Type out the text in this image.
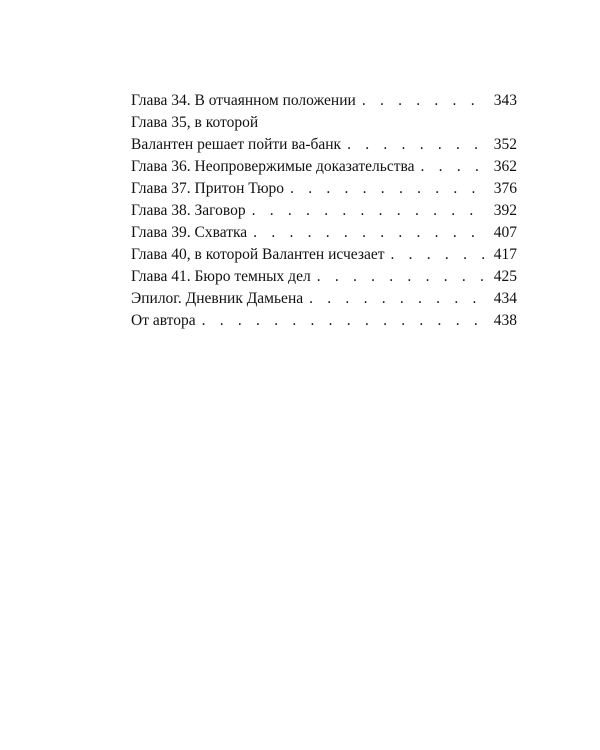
Глава 34. В отчаянном положении . . .	343
Глава 35, в которой
Валантен решает пойти ва-банк . . .	352
Глава 36. Неопровержимые доказательства . . .	362
Глава 37. Притон Тюро . . .	376
Глава 38. Заговор . . .	392
Глава 39. Схватка . . .	407
Глава 40, в которой Валантен исчезает . . .	417
Глава 41. Бюро темных дел . . .	425
Эпилог. Дневник Дамьена . . .	434
От автора . . .	438
